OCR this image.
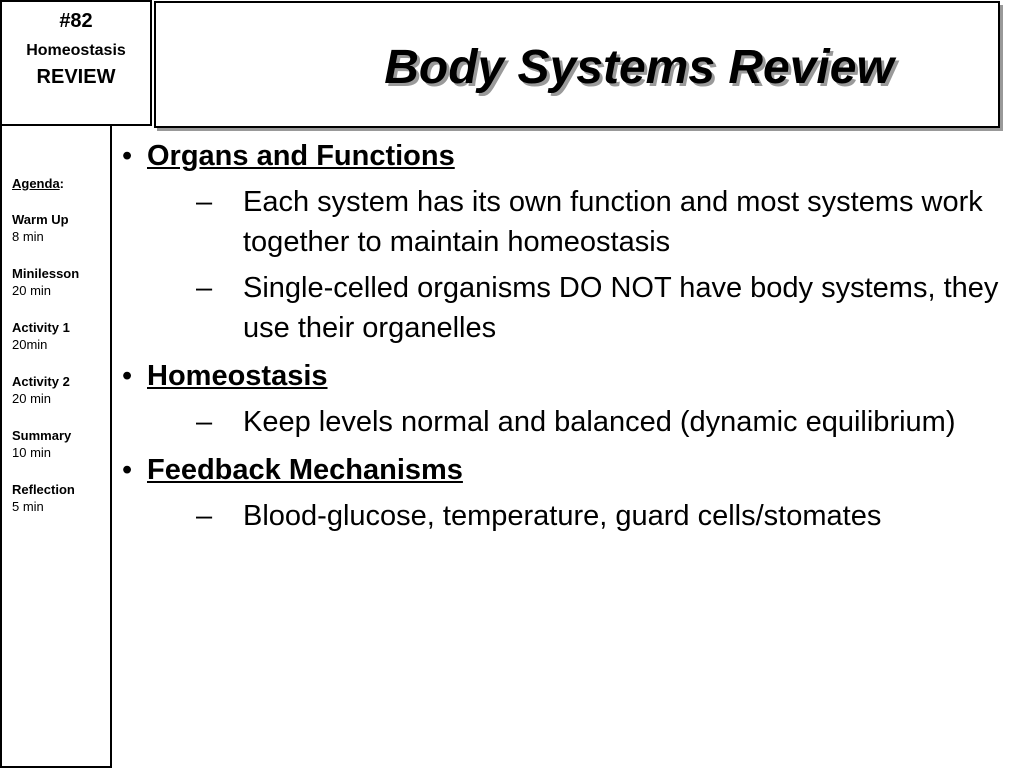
#82
Homeostasis
REVIEW	Body Systems Review
Agenda:
Warm Up
8 min
Minilesson
20 min
Activity 1
20min
Activity 2
20 min
Summary
10 min
Reflection
5 min
• Organs and Functions
– Each system has its own function and most systems work together to maintain homeostasis
– Single-celled organisms DO NOT have body systems, they use their organelles
• Homeostasis
– Keep levels normal and balanced (dynamic equilibrium)
• Feedback Mechanisms
– Blood-glucose, temperature, guard cells/stomates
